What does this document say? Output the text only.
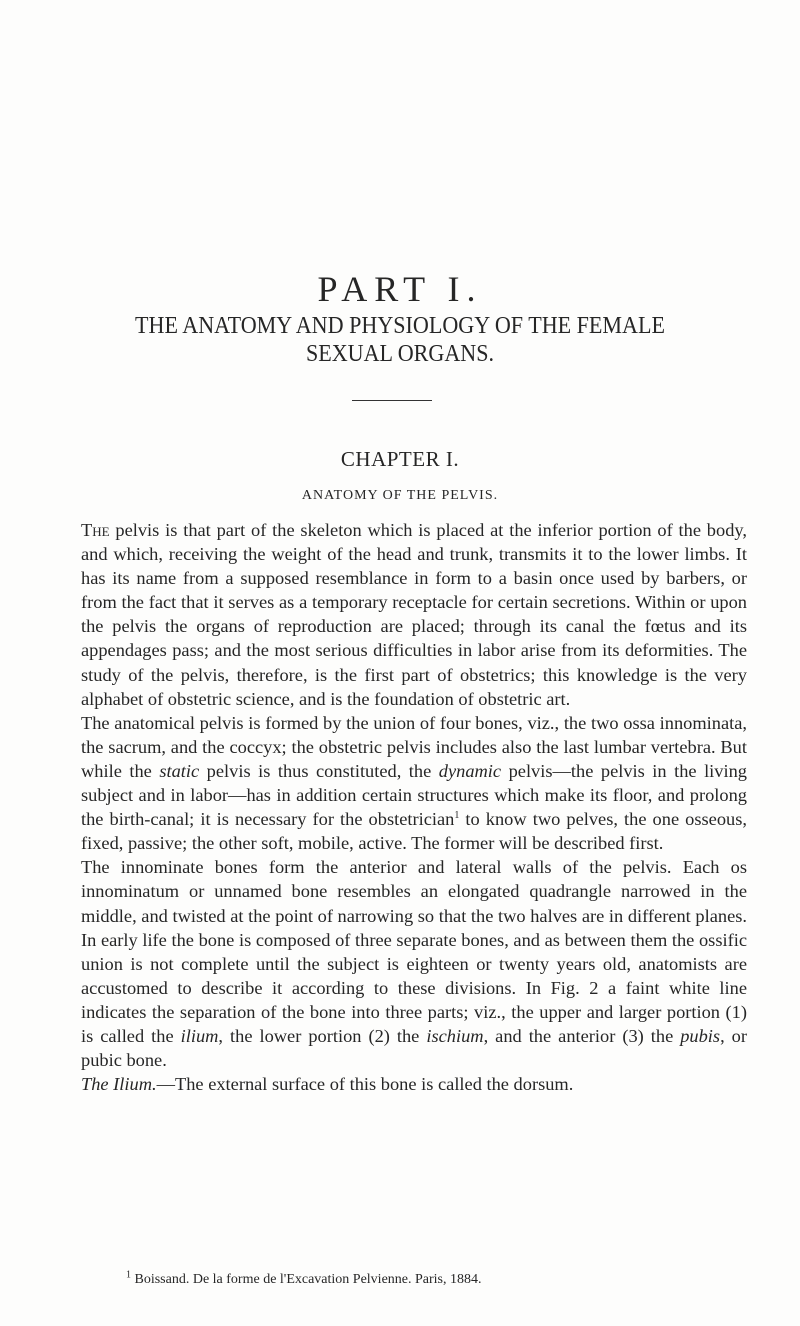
PART I.
THE ANATOMY AND PHYSIOLOGY OF THE FEMALE
SEXUAL ORGANS.
CHAPTER I.
ANATOMY OF THE PELVIS.

The pelvis is that part of the skeleton which is placed at the inferior portion of the body, and which, receiving the weight of the head and trunk, transmits it to the lower limbs. It has its name from a supposed resemblance in form to a basin once used by barbers, or from the fact that it serves as a temporary receptacle for certain secretions. Within or upon the pelvis the organs of reproduction are placed; through its canal the fœtus and its appendages pass; and the most serious difficulties in labor arise from its deformities. The study of the pelvis, therefore, is the first part of obstetrics; this knowledge is the very alphabet of obstetric science, and is the foundation of obstetric art.

The anatomical pelvis is formed by the union of four bones, viz., the two ossa innominata, the sacrum, and the coccyx; the obstetric pelvis includes also the last lumbar vertebra. But while the static pelvis is thus constituted, the dynamic pelvis—the pelvis in the living subject and in labor—has in addition certain structures which make its floor, and prolong the birth-canal; it is necessary for the obstetrician$^1$ to know two pelves, the one osseous, fixed, passive; the other soft, mobile, active. The former will be described first.

The innominate bones form the anterior and lateral walls of the pelvis. Each os innominatum or unnamed bone resembles an elongated quadrangle narrowed in the middle, and twisted at the point of narrowing so that the two halves are in different planes. In early life the bone is composed of three separate bones, and as between them the ossific union is not complete until the subject is eighteen or twenty years old, anatomists are accustomed to describe it according to these divisions. In Fig. 2 a faint white line indicates the separation of the bone into three parts; viz., the upper and larger portion (1) is called the ilium, the lower portion (2) the ischium, and the anterior (3) the pubis, or pubic bone.

The Ilium.—The external surface of this bone is called the dorsum.

$^1$ Boissand. De la forme de l'Excavation Pelvienne. Paris, 1884.
